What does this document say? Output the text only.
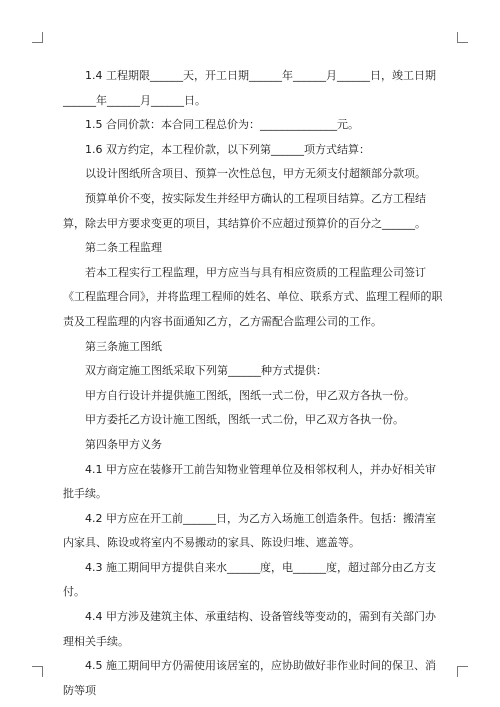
1.4 工程期限______天，开工日期______年______月______日，竣工日期______年______月______日。

1.5 合同价款：本合同工程总价为：______________元。

1.6 双方约定，本工程价款，以下列第______项方式结算：

以设计图纸所含项目、预算一次性总包，甲方无须支付超额部分款项。

预算单价不变，按实际发生并经甲方确认的工程项目结算。乙方工程结算，除去甲方要求变更的项目，其结算价不应超过预算价的百分之______。

第二条工程监理

若本工程实行工程监理，甲方应当与具有相应资质的工程监理公司签订《工程监理合同》，并将监理工程师的姓名、单位、联系方式、监理工程师的职责及工程监理的内容书面通知乙方，乙方需配合监理公司的工作。

第三条施工图纸

双方商定施工图纸采取下列第______种方式提供：

甲方自行设计并提供施工图纸，图纸一式二份，甲乙双方各执一份。

甲方委托乙方设计施工图纸，图纸一式二份，甲乙双方各执一份。

第四条甲方义务

4.1 甲方应在装修开工前告知物业管理单位及相邻权利人，并办好相关审批手续。

4.2 甲方应在开工前______日，为乙方入场施工创造条件。包括：搬清室内家具、陈设或将室内不易搬动的家具、陈设归堆、遮盖等。

4.3 施工期间甲方提供自来水______度，电______度，超过部分由乙方支付。

4.4 甲方涉及建筑主体、承重结构、设备管线等变动的，需到有关部门办理相关手续。

4.5 施工期间甲方仍需使用该居室的，应协助做好非作业时间的保卫、消防等项
